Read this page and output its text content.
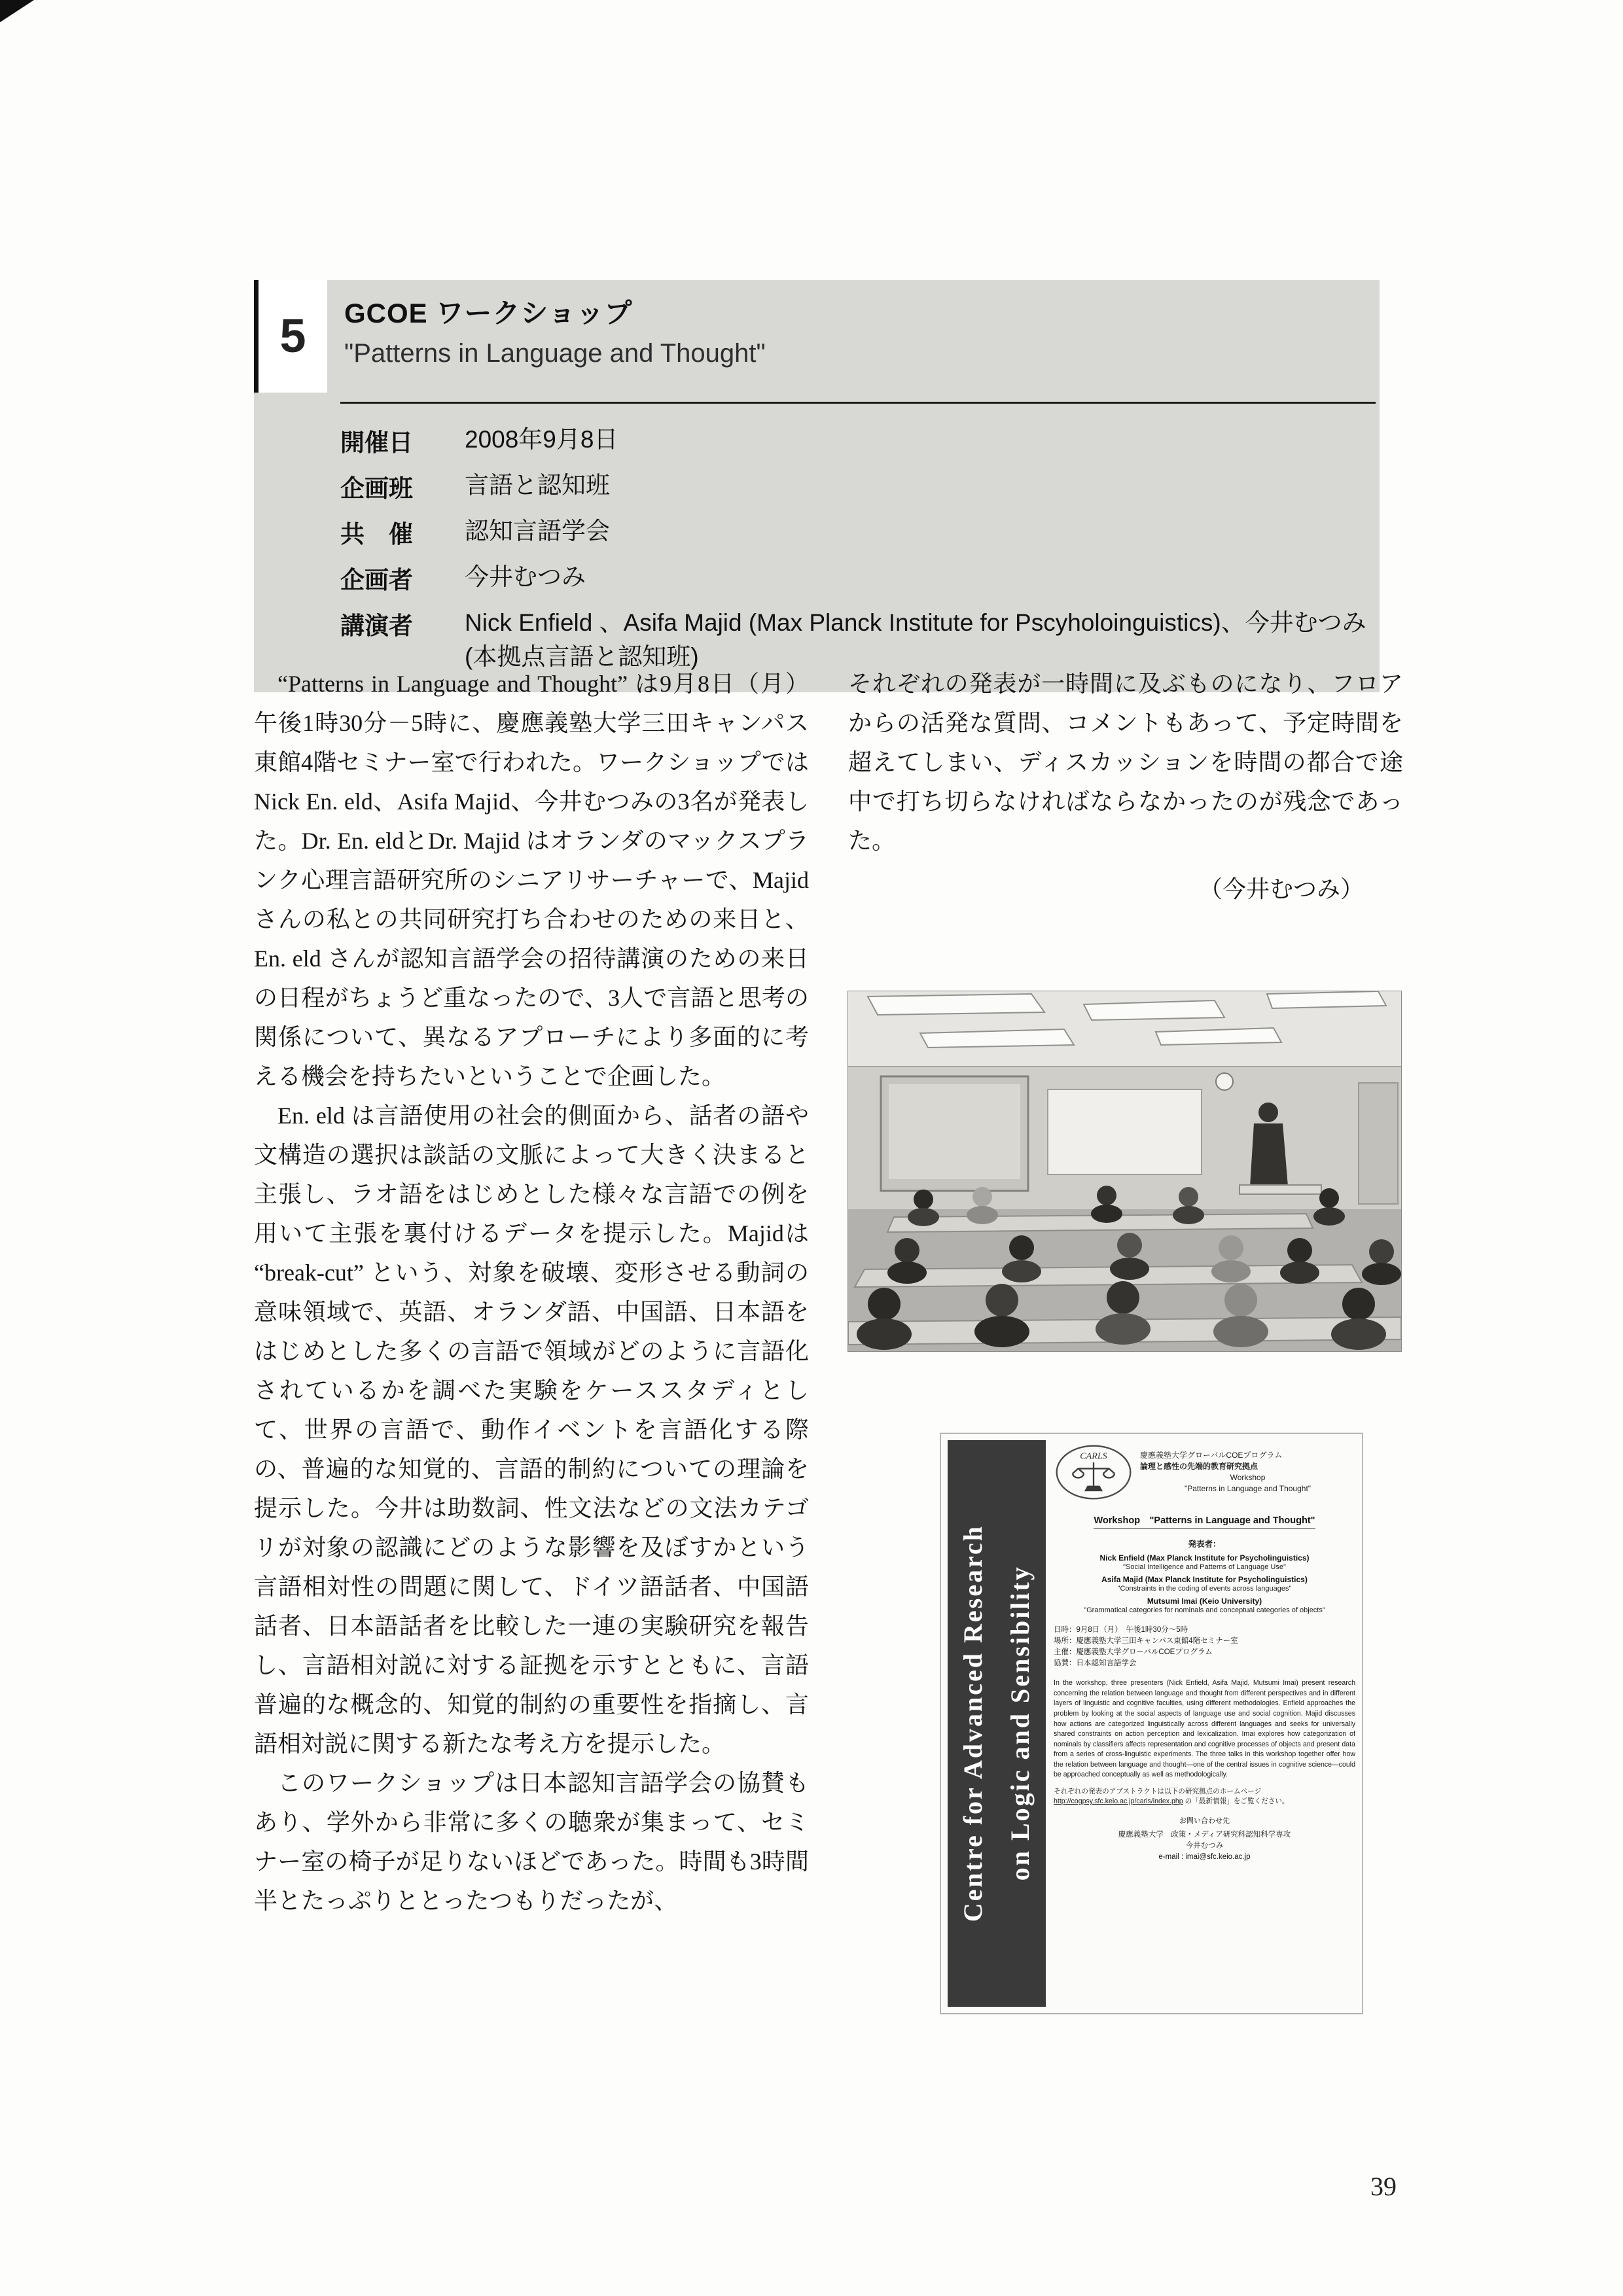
5	GCOE ワークショップ
"Patterns in Language and Thought"
開催日	2008年9月8日
企画班	言語と認知班
共　催	認知言語学会
企画者	今井むつみ
講演者	Nick Enfield 、Asifa Majid (Max Planck Institute for Pscyholoinguistics)、今井むつみ(本拠点言語と認知班)

“Patterns in Language and Thought” は9月8日（月）午後1時30分－5時に、慶應義塾大学三田キャンパス東館4階セミナー室で行われた。ワークショップではNick En. eld、Asifa Majid、今井むつみの3名が発表した。Dr. En. eldとDr. Majid はオランダのマックスプランク心理言語研究所のシニアリサーチャーで、Majid さんの私との共同研究打ち合わせのための来日と、En. eld さんが認知言語学会の招待講演のための来日の日程がちょうど重なったので、3人で言語と思考の関係について、異なるアプローチにより多面的に考える機会を持ちたいということで企画した。

En. eld は言語使用の社会的側面から、話者の語や文構造の選択は談話の文脈によって大きく決まると主張し、ラオ語をはじめとした様々な言語での例を用いて主張を裏付けるデータを提示した。Majidは “break-cut” という、対象を破壊、変形させる動詞の意味領域で、英語、オランダ語、中国語、日本語をはじめとした多くの言語で領域がどのように言語化されているかを調べた実験をケーススタディとして、世界の言語で、動作イベントを言語化する際の、普遍的な知覚的、言語的制約についての理論を提示した。今井は助数詞、性文法などの文法カテゴリが対象の認識にどのような影響を及ぼすかという言語相対性の問題に関して、ドイツ語話者、中国語話者、日本語話者を比較した一連の実験研究を報告し、言語相対説に対する証拠を示すとともに、言語普遍的な概念的、知覚的制約の重要性を指摘し、言語相対説に関する新たな考え方を提示した。

このワークショップは日本認知言語学会の協賛もあり、学外から非常に多くの聴衆が集まって、セミナー室の椅子が足りないほどであった。時間も3時間半とたっぷりととったつもりだったが、

それぞれの発表が一時間に及ぶものになり、フロアからの活発な質問、コメントもあって、予定時間を超えてしまい、ディスカッションを時間の都合で途中で打ち切らなければならなかったのが残念であった。

（今井むつみ）

Centre for Advanced Research on Logic and Sensibility
CARLS	慶應義塾大学グローバルCOEプログラム
論理と感性の先端的教育研究拠点
Workshop
"Patterns in Language and Thought"
Workshop　"Patterns in Language and Thought"
発表者：
Nick Enfield (Max Planck Institute for Psycholinguistics)
"Social Intelligence and Patterns of Language Use"
Asifa Majid (Max Planck Institute for Psycholinguistics)
"Constraints in the coding of events across languages"
Mutsumi Imai (Keio University)
"Grammatical categories for nominals and conceptual categories of objects"
日時：9月8日（月）　午後1時30分〜5時
場所：慶應義塾大学三田キャンパス東館4階セミナー室
主催：慶應義塾大学グローバルCOEプログラム
協賛：日本認知言語学会
In the workshop, three presenters (Nick Enfield, Asifa Majid, Mutsumi Imai) present research concerning the relation between language and thought from different perspectives and in different layers of linguistic and cognitive faculties, using different methodologies. Enfield approaches the problem by looking at the social aspects of language use and social cognition. Majid discusses how actions are categorized linguistically across different languages and seeks for universally shared constraints on action perception and lexicalization. Imai explores how categorization of nominals by classifiers affects representation and cognitive processes of objects and present data from a series of cross-linguistic experiments. The three talks in this workshop together offer how the relation between language and thought—one of the central issues in cognitive science—could be approached conceptually as well as methodologically.
それぞれの発表のアブストラクトは以下の研究拠点のホームページ http://cogpsy.sfc.keio.ac.jp/carls/index.php の「最新情報」をご覧ください。
お問い合わせ先
慶應義塾大学　政策・メディア研究科認知科学専攻
今井むつみ
e-mail : imai@sfc.keio.ac.jp
39
